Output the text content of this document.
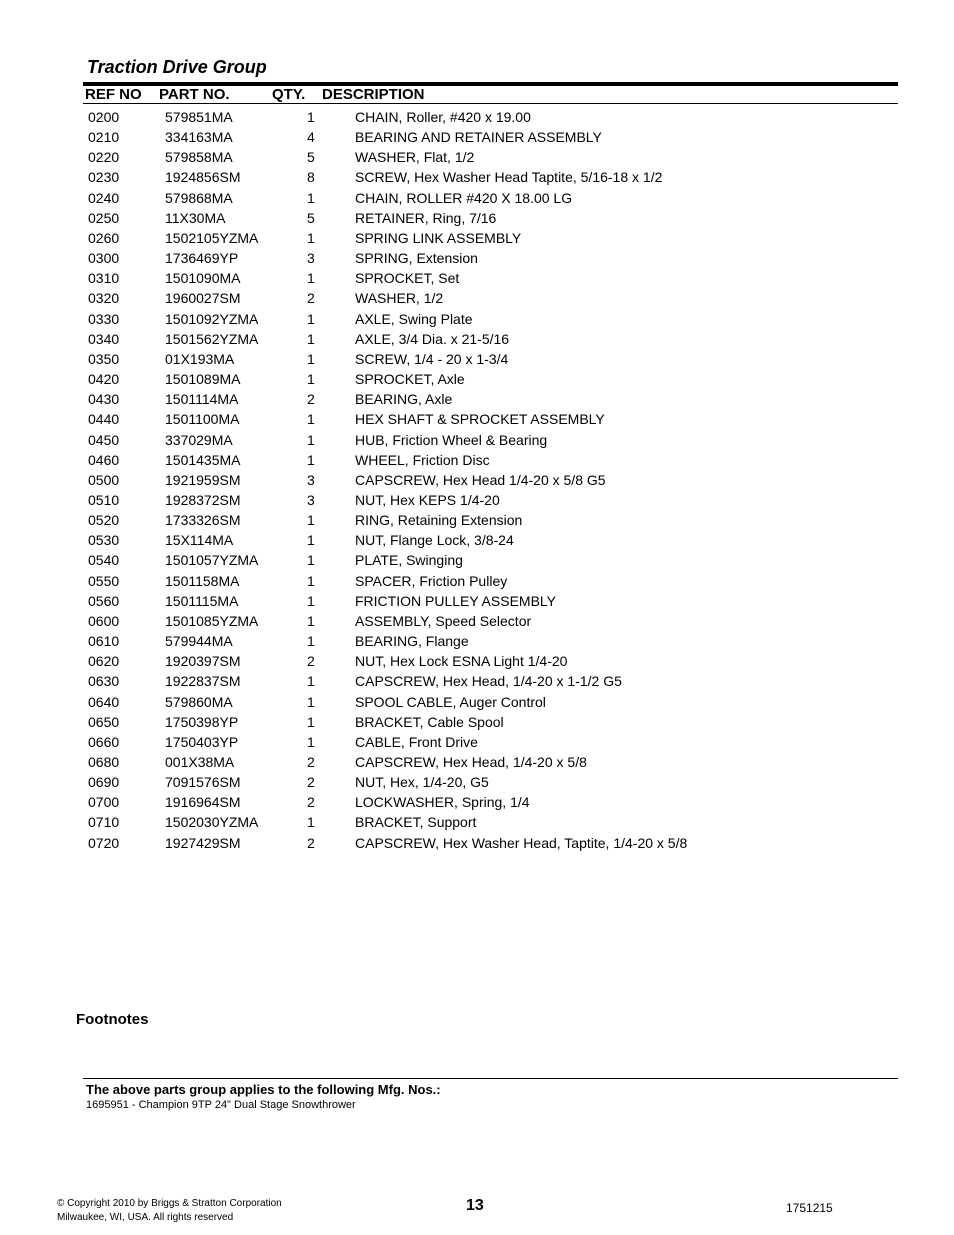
Traction Drive Group
REF NO PART NO.	QTY. DESCRIPTION
0200	579851MA	1	CHAIN, Roller, #420 x 19.00
0210	334163MA	4	BEARING AND RETAINER ASSEMBLY
0220	579858MA	5	WASHER, Flat, 1/2
0230	1924856SM	8	SCREW, Hex Washer Head Taptite, 5/16-18 x 1/2
0240	579868MA	1	CHAIN, ROLLER #420 X 18.00 LG
0250	11X30MA	5	RETAINER, Ring, 7/16
0260	1502105YZMA	1	SPRING LINK ASSEMBLY
0300	1736469YP	3	SPRING, Extension
0310	1501090MA	1	SPROCKET, Set
0320	1960027SM	2	WASHER, 1/2
0330	1501092YZMA	1	AXLE, Swing Plate
0340	1501562YZMA	1	AXLE, 3/4 Dia. x 21-5/16
0350	01X193MA	1	SCREW, 1/4 - 20 x 1-3/4
0420	1501089MA	1	SPROCKET, Axle
0430	1501114MA	2	BEARING, Axle
0440	1501100MA	1	HEX SHAFT & SPROCKET ASSEMBLY
0450	337029MA	1	HUB, Friction Wheel & Bearing
0460	1501435MA	1	WHEEL, Friction Disc
0500	1921959SM	3	CAPSCREW, Hex Head 1/4-20 x 5/8 G5
0510	1928372SM	3	NUT, Hex KEPS 1/4-20
0520	1733326SM	1	RING, Retaining Extension
0530	15X114MA	1	NUT, Flange Lock, 3/8-24
0540	1501057YZMA	1	PLATE, Swinging
0550	1501158MA	1	SPACER, Friction Pulley
0560	1501115MA	1	FRICTION PULLEY ASSEMBLY
0600	1501085YZMA	1	ASSEMBLY, Speed Selector
0610	579944MA	1	BEARING, Flange
0620	1920397SM	2	NUT, Hex Lock ESNA Light 1/4-20
0630	1922837SM	1	CAPSCREW, Hex Head, 1/4-20 x 1-1/2 G5
0640	579860MA	1	SPOOL CABLE, Auger Control
0650	1750398YP	1	BRACKET, Cable Spool
0660	1750403YP	1	CABLE, Front Drive
0680	001X38MA	2	CAPSCREW, Hex Head, 1/4-20 x 5/8
0690	7091576SM	2	NUT, Hex, 1/4-20, G5
0700	1916964SM	2	LOCKWASHER, Spring, 1/4
0710	1502030YZMA	1	BRACKET, Support
0720	1927429SM	2	CAPSCREW, Hex Washer Head, Taptite, 1/4-20 x 5/8
Footnotes
The above parts group applies to the following Mfg. Nos.:
1695951 - Champion 9TP 24" Dual Stage Snowthrower
© Copyright 2010 by Briggs & Stratton Corporation
Milwaukee, WI, USA. All rights reserved
13	1751215
